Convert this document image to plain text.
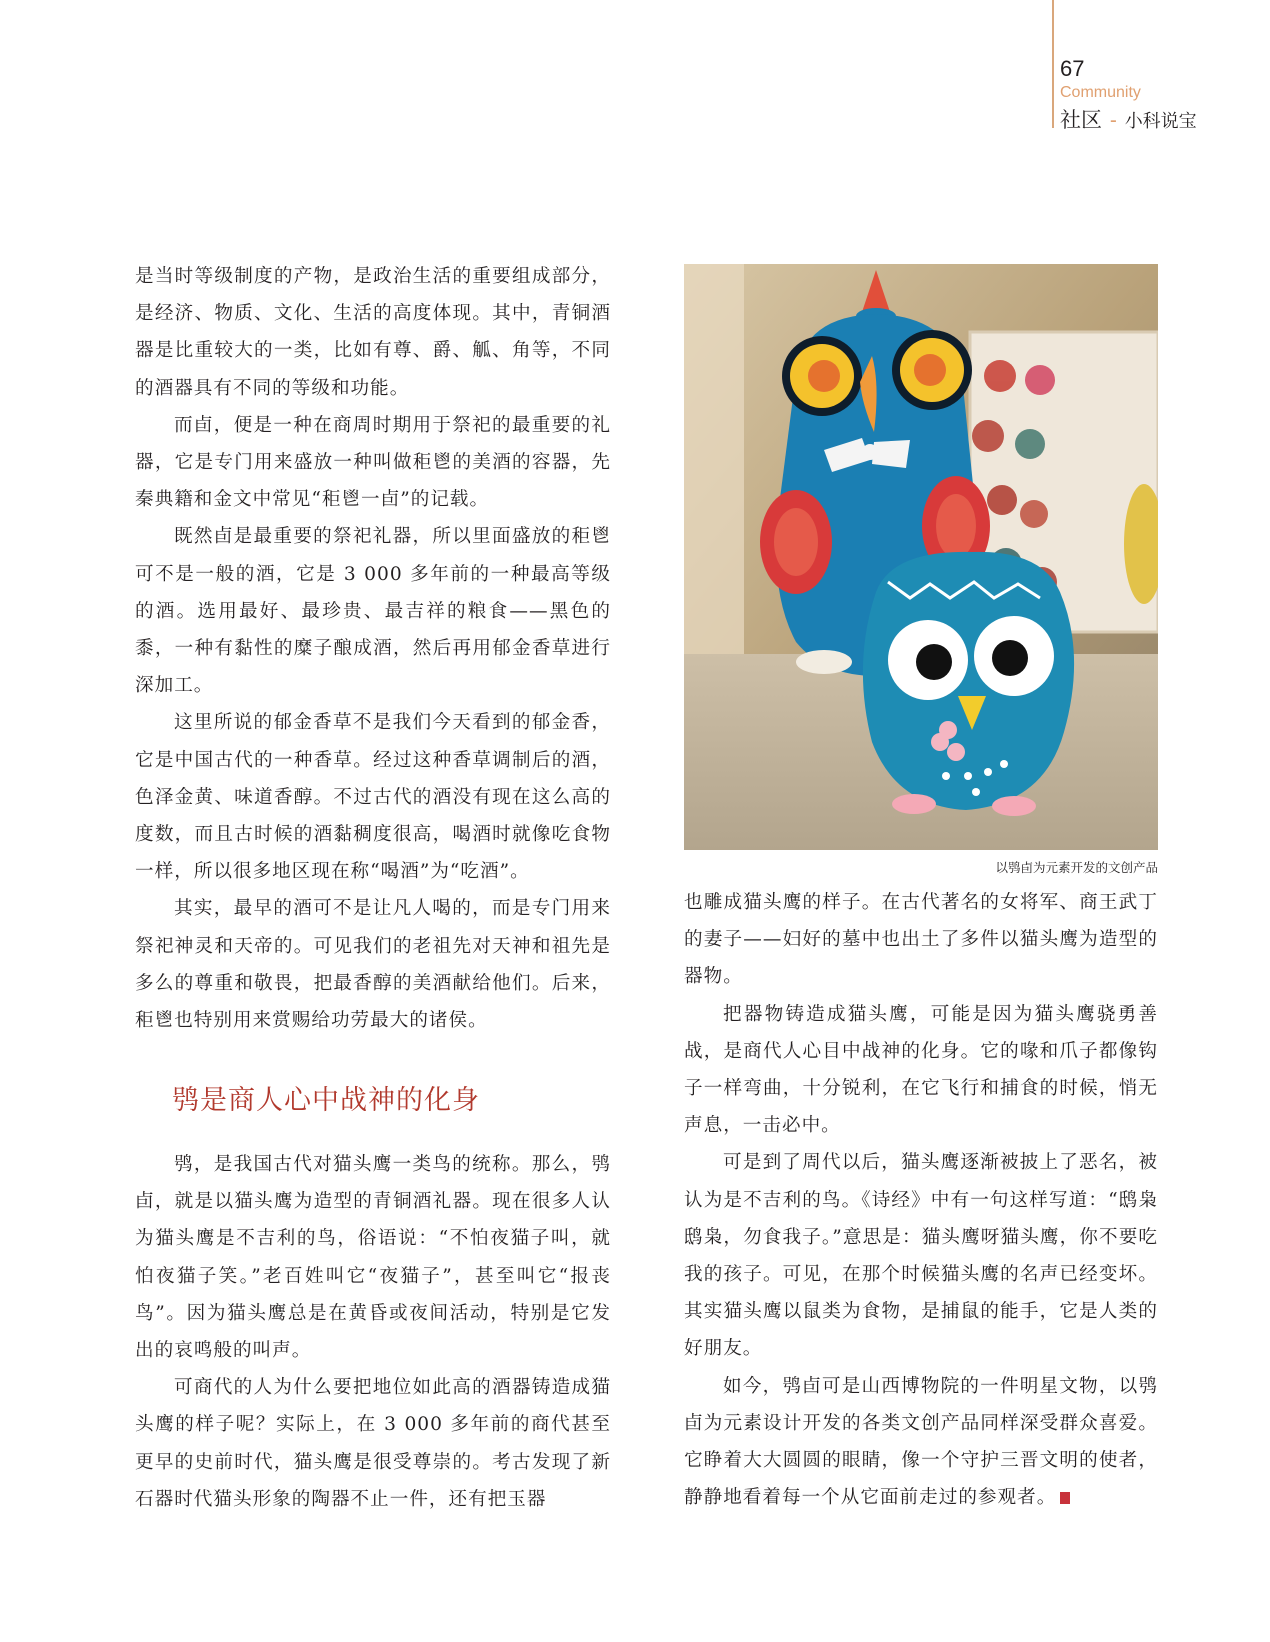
67
Community
社区 - 小科说宝

是当时等级制度的产物，是政治生活的重要组成部分，是经济、物质、文化、生活的高度体现。其中，青铜酒器是比重较大的一类，比如有尊、爵、觚、角等，不同的酒器具有不同的等级和功能。

而卣，便是一种在商周时期用于祭祀的最重要的礼器，它是专门用来盛放一种叫做秬鬯的美酒的容器，先秦典籍和金文中常见“秬鬯一卣”的记载。

既然卣是最重要的祭祀礼器，所以里面盛放的秬鬯可不是一般的酒，它是 3 000 多年前的一种最高等级的酒。选用最好、最珍贵、最吉祥的粮食——黑色的黍，一种有黏性的糜子酿成酒，然后再用郁金香草进行深加工。

这里所说的郁金香草不是我们今天看到的郁金香，它是中国古代的一种香草。经过这种香草调制后的酒，色泽金黄、味道香醇。不过古代的酒没有现在这么高的度数，而且古时候的酒黏稠度很高，喝酒时就像吃食物一样，所以很多地区现在称“喝酒”为“吃酒”。

其实，最早的酒可不是让凡人喝的，而是专门用来祭祀神灵和天帝的。可见我们的老祖先对天神和祖先是多么的尊重和敬畏，把最香醇的美酒献给他们。后来，秬鬯也特别用来赏赐给功劳最大的诸侯。

鸮是商人心中战神的化身

鸮，是我国古代对猫头鹰一类鸟的统称。那么，鸮卣，就是以猫头鹰为造型的青铜酒礼器。现在很多人认为猫头鹰是不吉利的鸟，俗语说：“不怕夜猫子叫，就怕夜猫子笑。”老百姓叫它“夜猫子”，甚至叫它“报丧鸟”。因为猫头鹰总是在黄昏或夜间活动，特别是它发出的哀鸣般的叫声。

可商代的人为什么要把地位如此高的酒器铸造成猫头鹰的样子呢？实际上，在 3 000 多年前的商代甚至更早的史前时代，猫头鹰是很受尊崇的。考古发现了新石器时代猫头形象的陶器不止一件，还有把玉器

以鸮卣为元素开发的文创产品

也雕成猫头鹰的样子。在古代著名的女将军、商王武丁的妻子——妇好的墓中也出土了多件以猫头鹰为造型的器物。

把器物铸造成猫头鹰，可能是因为猫头鹰骁勇善战，是商代人心目中战神的化身。它的喙和爪子都像钩子一样弯曲，十分锐利，在它飞行和捕食的时候，悄无声息，一击必中。

可是到了周代以后，猫头鹰逐渐被披上了恶名，被认为是不吉利的鸟。《诗经》中有一句这样写道：“鸱枭鸱枭，勿食我子。”意思是：猫头鹰呀猫头鹰，你不要吃我的孩子。可见，在那个时候猫头鹰的名声已经变坏。其实猫头鹰以鼠类为食物，是捕鼠的能手，它是人类的好朋友。

如今，鸮卣可是山西博物院的一件明星文物，以鸮卣为元素设计开发的各类文创产品同样深受群众喜爱。它睁着大大圆圆的眼睛，像一个守护三晋文明的使者，静静地看着每一个从它面前走过的参观者。
